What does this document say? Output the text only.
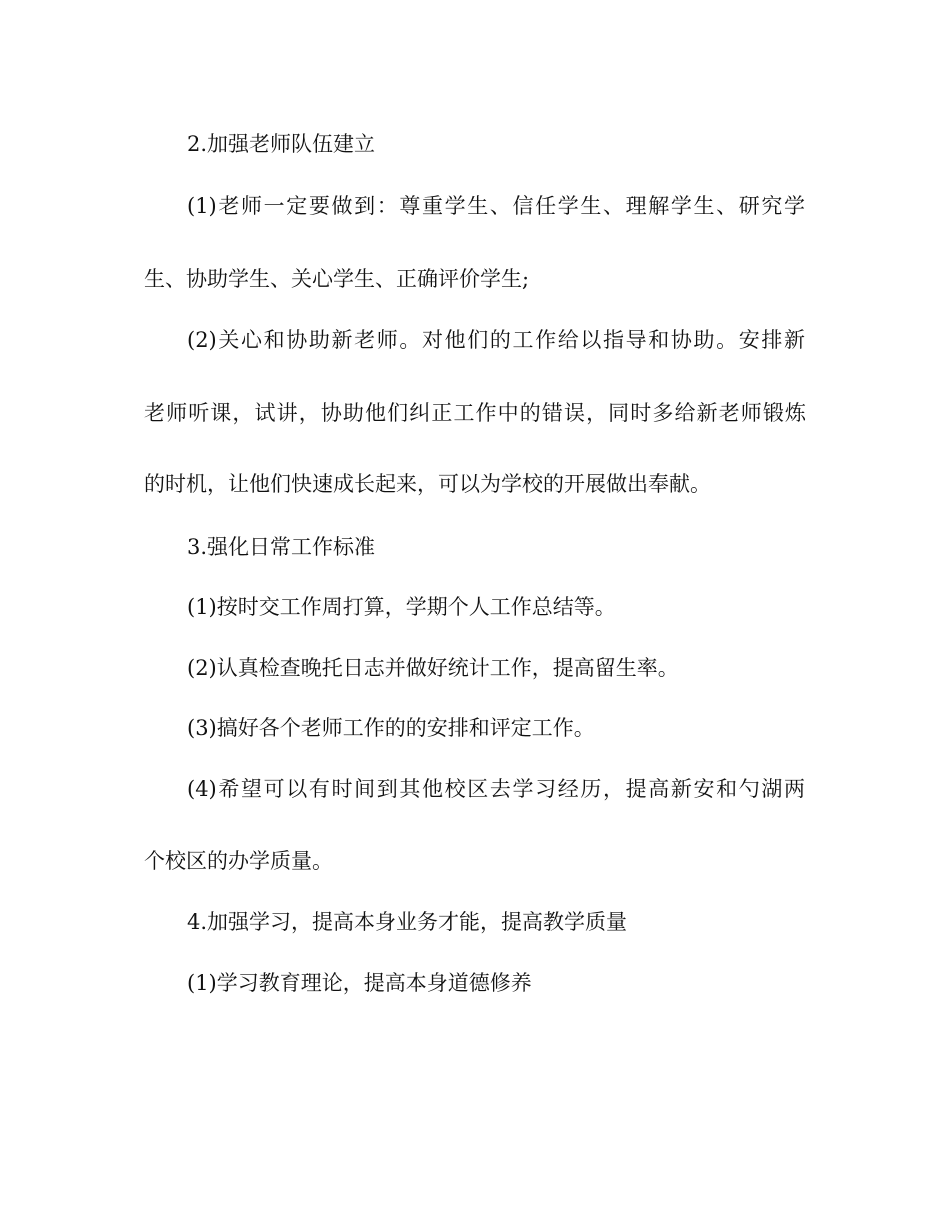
2.加强老师队伍建立
(1)老师一定要做到：尊重学生、信任学生、理解学生、研究学
生、协助学生、关心学生、正确评价学生;
(2)关心和协助新老师。对他们的工作给以指导和协助。安排新
老师听课，试讲，协助他们纠正工作中的错误，同时多给新老师锻炼
的时机，让他们快速成长起来，可以为学校的开展做出奉献。
3.强化日常工作标准
(1)按时交工作周打算，学期个人工作总结等。
(2)认真检查晚托日志并做好统计工作，提高留生率。
(3)搞好各个老师工作的的安排和评定工作。
(4)希望可以有时间到其他校区去学习经历，提高新安和勺湖两
个校区的办学质量。
4.加强学习，提高本身业务才能，提高教学质量
(1)学习教育理论，提高本身道德修养
